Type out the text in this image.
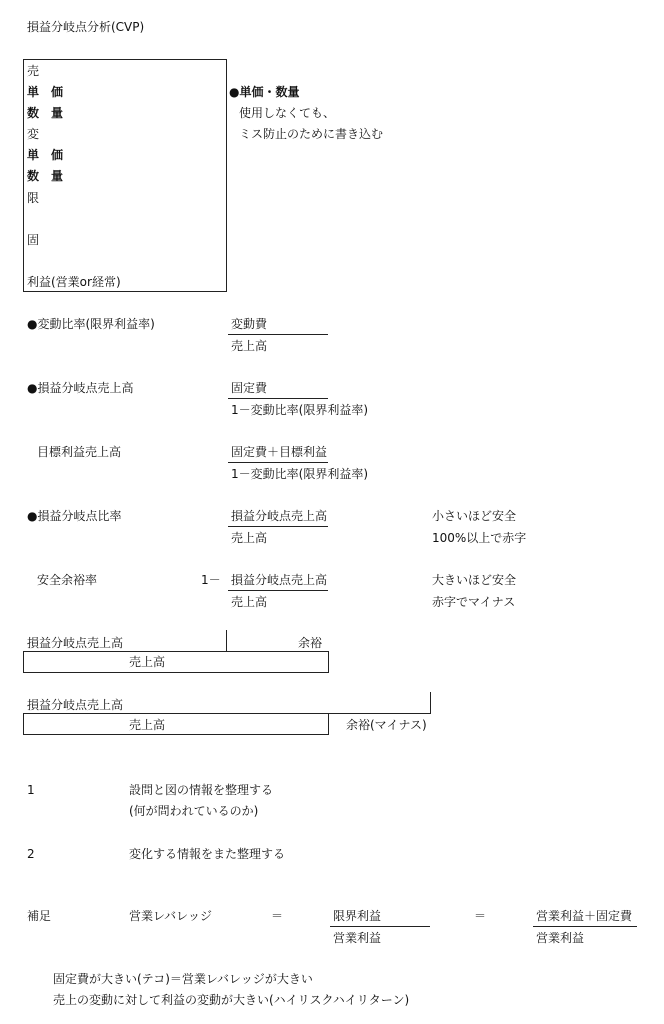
損益分岐点分析(CVP)
売
単　価
数　量
変
単　価
数　量
限
固
利益(営業or経常)
●単価・数量
使用しなくても、
ミス防止のために書き込む
●変動比率(限界利益率)	変動費
売上高
●損益分岐点売上高	固定費
1－変動比率(限界利益率)
目標利益売上高	固定費＋目標利益
1－変動比率(限界利益率)
●損益分岐点比率	損益分岐点売上高
売上高
小さいほど安全
100%以上で赤字
安全余裕率	1－ 損益分岐点売上高
売上高
大きいほど安全
赤字でマイナス
損益分岐点売上高	余裕
売上高
損益分岐点売上高
売上高	余裕(マイナス)
1	設問と図の情報を整理する
(何が問われているのか)
2	変化する情報をまた整理する
補足	営業レバレッジ	＝	限界利益
営業利益
＝	営業利益＋固定費
営業利益
固定費が大きい(テコ)＝営業レバレッジが大きい
売上の変動に対して利益の変動が大きい(ハイリスクハイリターン)
